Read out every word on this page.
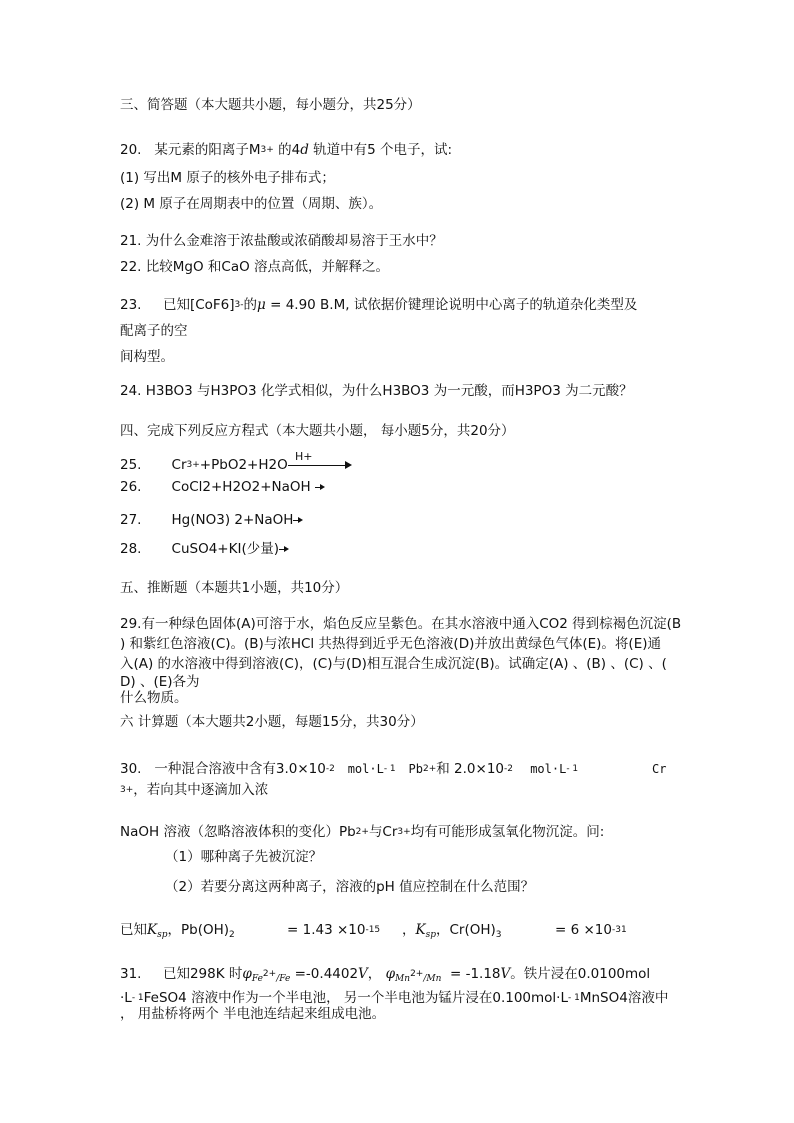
三、简答题（本大题共小题，每小题分，共25分）
20. 某元素的阳离子$M^{3+}$ 的4d 轨道中有5 个电子，试:
(1) 写出M 原子的核外电子排布式；
(2) M 原子在周期表中的位置（周期、族）。
21. 为什么金难溶于浓盐酸或浓硝酸却易溶于王水中？
22. 比较MgO 和CaO 溶点高低，并解释之。
23. 已知$[CoF6]^{3-}$的μ = 4.90 B.M, 试依据价键理论说明中心离子的轨道杂化类型及
配离子的空
间构型。
24. H3BO3 与H3PO3 化学式相似，为什么H3BO3 为一元酸，而H3PO3 为二元酸？
四、完成下列反应方程式（本大题共小题， 每小题5分，共20分）
25. $Cr^{3+}+PbO2+H2O$
H+
26. CoCl2+H2O2+NaOH
27. Hg(NO3) 2+NaOH
28. CuSO4+KI(少量)
五、推断题（本题共1小题，共10分）
29.有一种绿色固体(A)可溶于水，焰色反应呈紫色。在其水溶液中通入CO2 得到棕褐色沉淀(B
) 和紫红色溶液(C)。(B)与浓HCl 共热得到近乎无色溶液(D)并放出黄绿色气体(E)。将(E)通
入(A) 的水溶液中得到溶液(C)，(C)与(D)相互混合生成沉淀(B)。试确定(A) 、(B) 、(C) 、(
D) 、(E)各为
什么物质。
六 计算题（本大题共2小题，每题15分，共30分）
30. 一种混合溶液中含有$3.0\times 10^{-2}$ $mol\cdot L^{- 1}$ $Pb^{2+}$和 $2.0\times 10^{-2}$ $mol\cdot L^{- 1}$	Cr
$^{3+}$，若向其中逐滴加入浓
NaOH 溶液（忽略溶液体积的变化）$Pb^{2+}$与$Cr^{3+}$均有可能形成氢氧化物沉淀。问:
（1）哪种离子先被沉淀？
（2）若要分离这两种离子，溶液的pH 值应控制在什么范围？
已知$K_{sp}$，$Pb(OH)_2$	= $1.43 \times 10^{-15}$ ，$K_{sp}$，$Cr(OH)_3$	= $6 \times 10^{-31}$
31. 已知298K 时$\varphi_{Fe}^{2+}_{/Fe} =-0.4402V$， $\varphi_{Mn}^{2+}_{/Mn} = -1.18V$。铁片浸在0.0100mol
$\cdot L^{- 1}FeSO4$ 溶液中作为一个半电池， 另一个半电池为锰片浸在$0.100mol\cdot L^{- 1}MnSO4$溶液中
， 用盐桥将两个 半电池连结起来组成电池。
